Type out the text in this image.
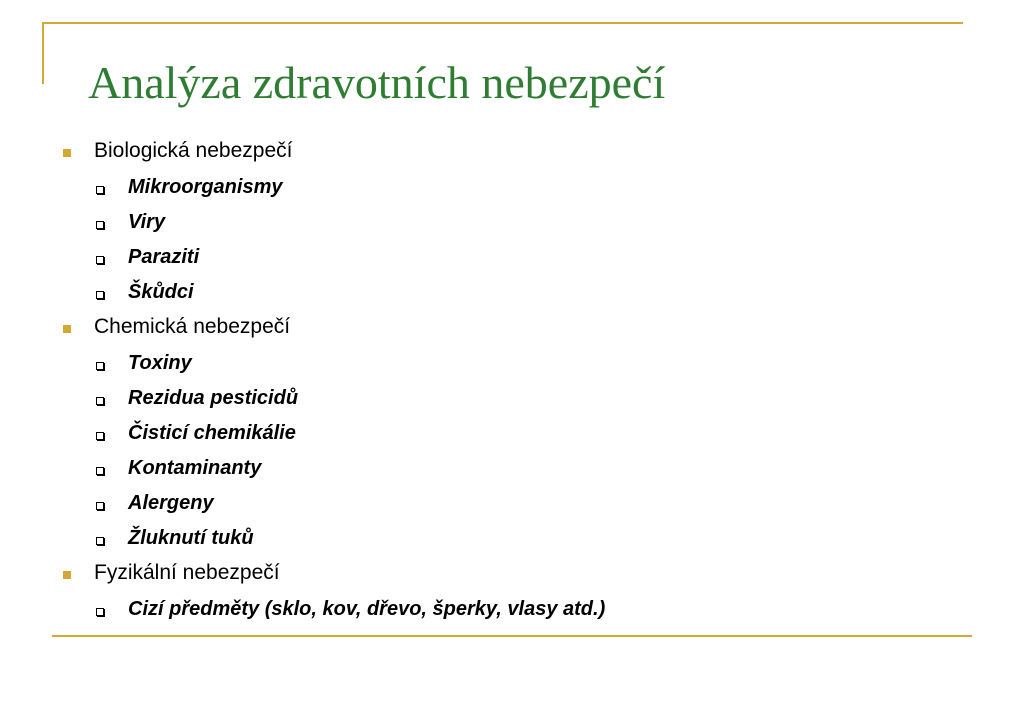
Analýza zdravotních nebezpečí
Biologická nebezpečí
Mikroorganismy
Viry
Paraziti
Škůdci
Chemická nebezpečí
Toxiny
Rezidua pesticidů
Čisticí chemikálie
Kontaminanty
Alergeny
Žluknutí tuků
Fyzikální nebezpečí
Cizí předměty (sklo, kov, dřevo, šperky, vlasy atd.)
